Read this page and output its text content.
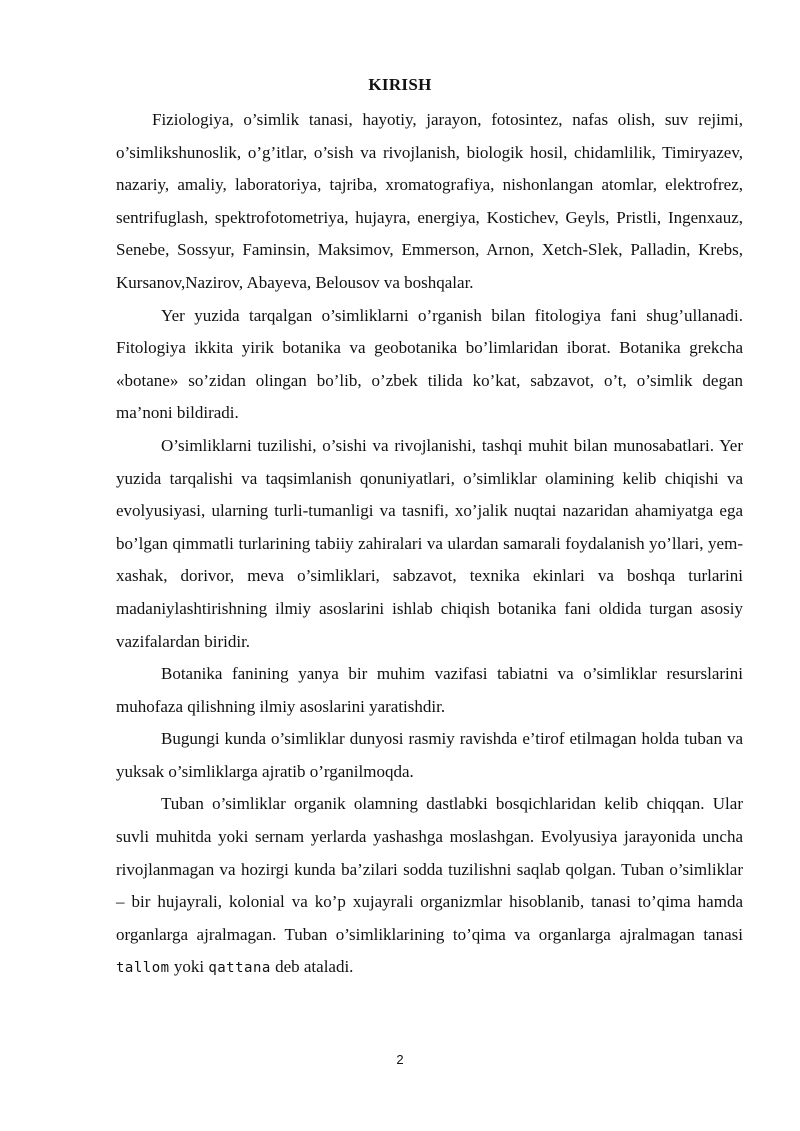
KIRISH

Fiziologiya, o’simlik tanasi, hayotiy, jarayon, fotosintez, nafas olish, suv rejimi, o’simlikshunoslik, o’g’itlar, o’sish va rivojlanish, biologik hosil, chidamlilik, Timiryazev, nazariy, amaliy, laboratoriya, tajriba, xromatografiya, nishonlangan atomlar, elektrofrez, sentrifuglash, spektrofotometriya, hujayra, energiya, Kostichev, Geyls, Pristli, Ingenxauz, Senebe, Sossyur, Faminsin, Maksimov, Emmerson, Arnon, Xetch-Slek, Palladin, Krebs, Kursanov,Nazirov, Abayeva, Belousov va boshqalar.

Yer yuzida tarqalgan o’simliklarni o’rganish bilan fitologiya fani shug’ullanadi. Fitologiya ikkita yirik botanika va geobotanika bo’limlaridan iborat. Botanika grekcha «botane» so’zidan olingan bo’lib, o’zbek tilida ko’kat, sabzavot, o’t, o’simlik degan ma’noni bildiradi.

O’simliklarni tuzilishi, o’sishi va rivojlanishi, tashqi muhit bilan munosabatlari. Yer yuzida tarqalishi va taqsimlanish qonuniyatlari, o’simliklar olamining kelib chiqishi va evolyusiyasi, ularning turli-tumanligi va tasnifi, xo’jalik nuqtai nazaridan ahamiyatga ega bo’lgan qimmatli turlarining tabiiy zahiralari va ulardan samarali foydalanish yo’llari, yem-xashak, dorivor, meva o’simliklari, sabzavot, texnika ekinlari va boshqa turlarini madaniylashtirishning ilmiy asoslarini ishlab chiqish botanika fani oldida turgan asosiy vazifalardan biridir.

Botanika fanining yanya bir muhim vazifasi tabiatni va o’simliklar resurslarini muhofaza qilishning ilmiy asoslarini yaratishdir.

Bugungi kunda o’simliklar dunyosi rasmiy ravishda e’tirof etilmagan holda tuban va yuksak o’simliklarga ajratib o’rganilmoqda.

Tuban o’simliklar organik olamning dastlabki bosqichlaridan kelib chiqqan. Ular suvli muhitda yoki sernam yerlarda yashashga moslashgan. Evolyusiya jarayonida uncha rivojlanmagan va hozirgi kunda ba’zilari sodda tuzilishni saqlab qolgan. Tuban o’simliklar – bir hujayrali, kolonial va ko’p xujayrali organizmlar hisoblanib, tanasi to’qima hamda organlarga ajralmagan. Tuban o’simliklarining to’qima va organlarga ajralmagan tanasi tallom yoki qattana deb ataladi.

2
